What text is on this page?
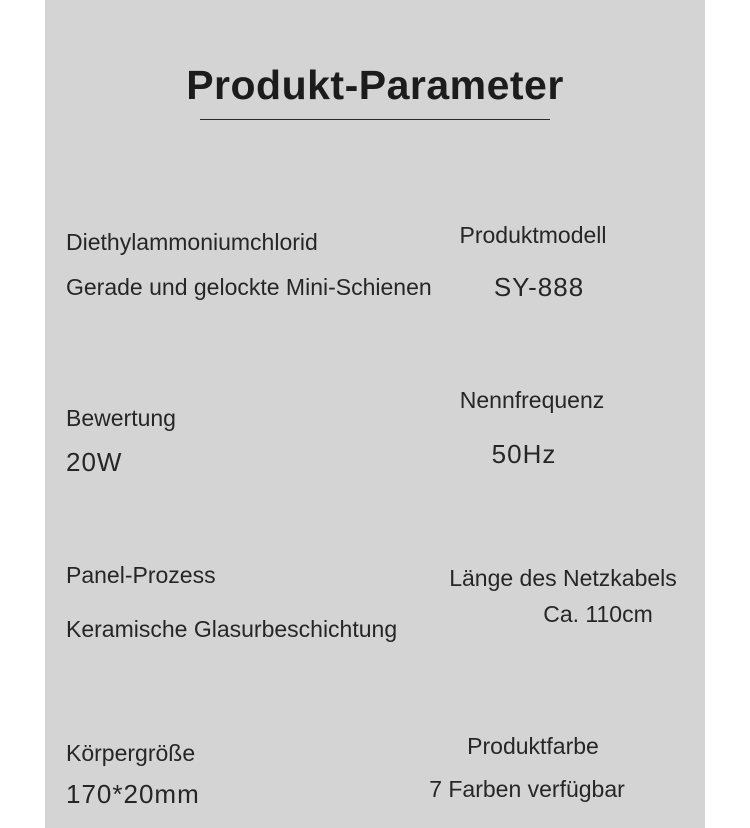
Produkt-Parameter
Diethylammoniumchlorid
Gerade und gelockte Mini-Schienen
Produktmodell
SY-888
Bewertung
20W
Nennfrequenz
50Hz
Panel-Prozess
Keramische Glasurbeschichtung
Länge des Netzkabels
Ca. 110cm
Körpergröße
170*20mm
Produktfarbe
7 Farben verfügbar
